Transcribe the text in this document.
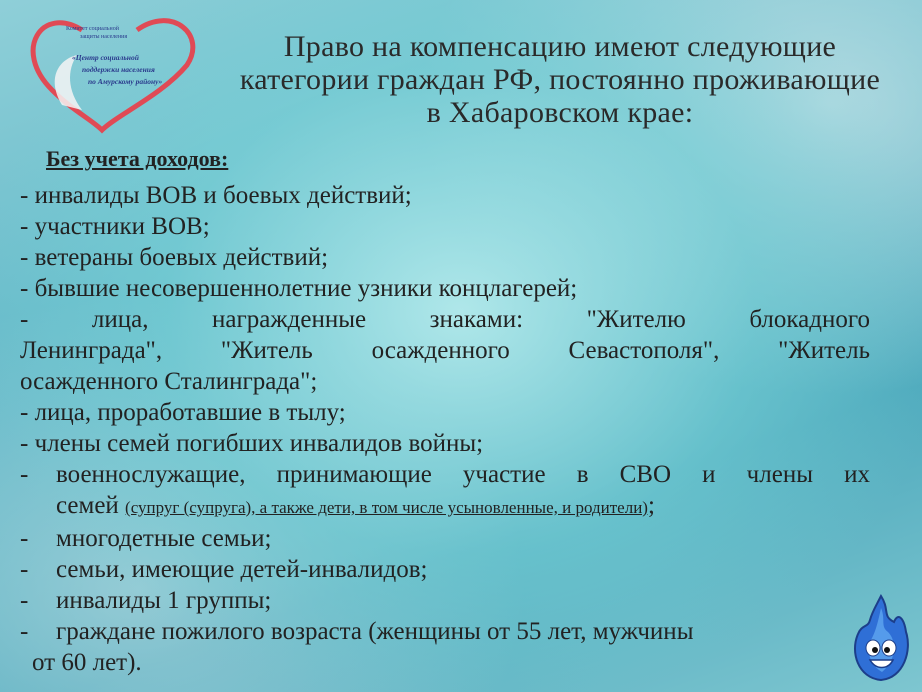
Комитет социальной
защиты населения
«Центр социальной
поддержки населения
по Амурскому району»
Право на компенсацию имеют следующие категории граждан РФ, постоянно проживающие в Хабаровском крае:
Без учета доходов:
- инвалиды ВОВ и боевых действий;
- участники ВОВ;
- ветераны боевых действий;
- бывшие несовершеннолетние узники концлагерей;
- лица, награжденные знаками: "Жителю блокадного
Ленинграда", "Житель осажденного Севастополя", "Житель
осажденного Сталинграда";
- лица, проработавшие в тылу;
- члены семей погибших инвалидов войны;
- военнослужащие, принимающие участие в СВО и члены их
семей (супруг (супруга), а также дети, в том числе усыновленные, и родители);
- многодетные семьи;
- семьи, имеющие детей-инвалидов;
- инвалиды 1 группы;
- граждане пожилого возраста (женщины от 55 лет, мужчины
от 60 лет).
